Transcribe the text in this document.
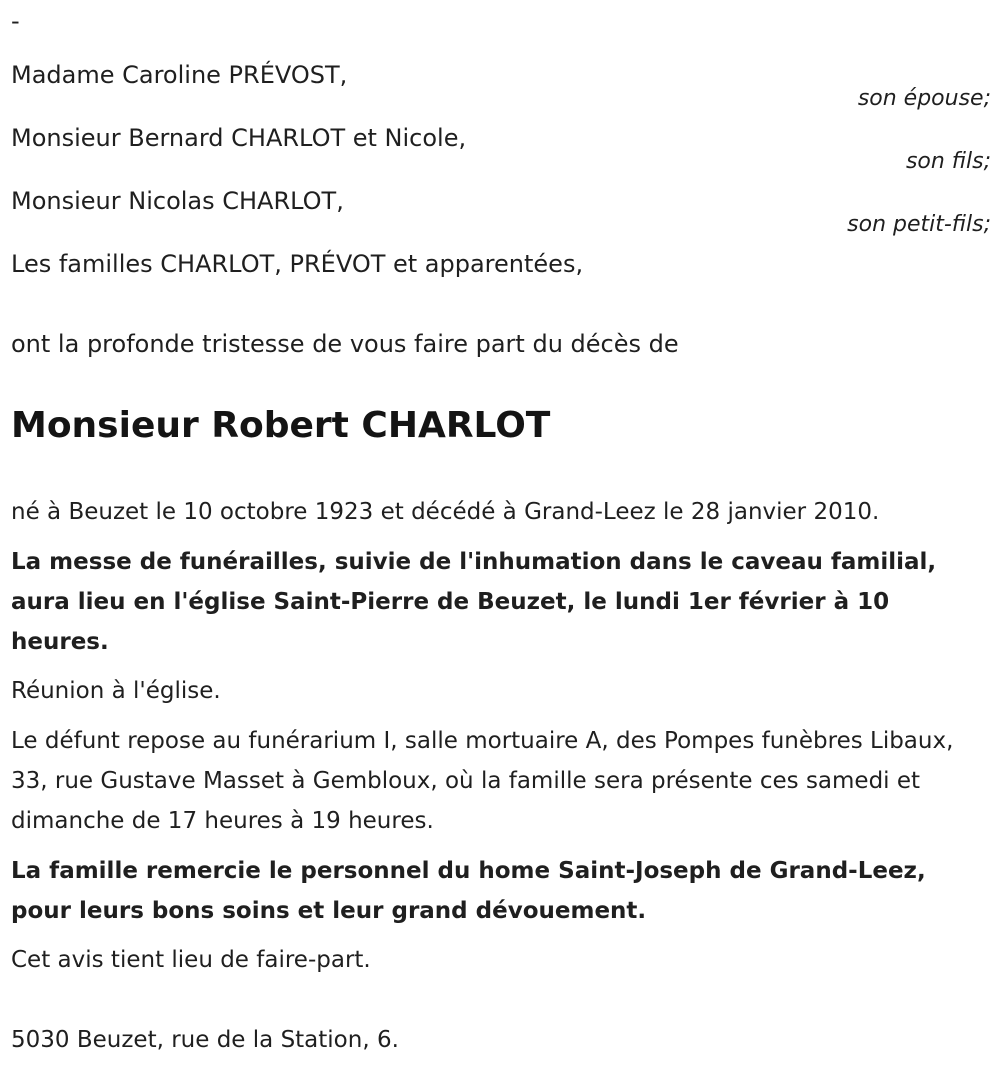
-
Madame Caroline PRÉVOST,
son épouse;
Monsieur Bernard CHARLOT et Nicole,
son fils;
Monsieur Nicolas CHARLOT,
son petit-fils;
Les familles CHARLOT, PRÉVOT et apparentées,
ont la profonde tristesse de vous faire part du décès de
Monsieur Robert CHARLOT
né à Beuzet le 10 octobre 1923 et décédé à Grand-Leez le 28 janvier 2010.
La messe de funérailles, suivie de l'inhumation dans le caveau familial, aura lieu en l'église Saint-Pierre de Beuzet, le lundi 1er février à 10 heures.
Réunion à l'église.
Le défunt repose au funérarium I, salle mortuaire A, des Pompes funèbres Libaux, 33, rue Gustave Masset à Gembloux, où la famille sera présente ces samedi et dimanche de 17 heures à 19 heures.
La famille remercie le personnel du home Saint-Joseph de Grand-Leez, pour leurs bons soins et leur grand dévouement.
Cet avis tient lieu de faire-part.
5030 Beuzet, rue de la Station, 6.
